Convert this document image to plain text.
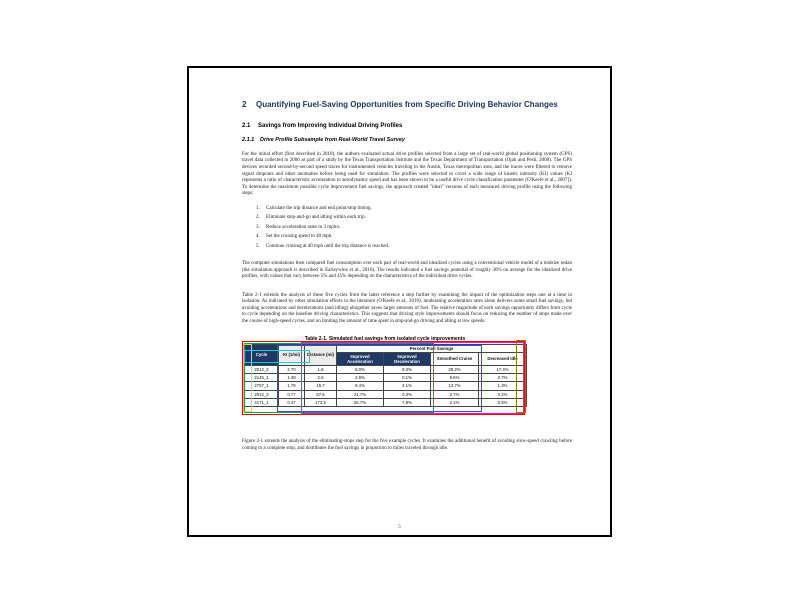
2	Quantifying Fuel-Saving Opportunities from Specific Driving Behavior Changes
2.1	Savings from Improving Individual Driving Profiles
2.1.1	Drive Profile Subsample from Real-World Travel Survey

For the initial effort (first described in 2010), the authors evaluated actual drive profiles selected from a large set of real-world global positioning system (GPS) travel data collected in 2006 as part of a study by the Texas Transportation Institute and the Texas Department of Transportation (Ojah and Pesti, 2008). The GPS devices recorded second-by-second speed traces for instrumented vehicles traveling in the Austin, Texas metropolitan area, and the traces were filtered to remove signal dropouts and other anomalies before being used for simulation. The profiles were selected to cover a wide range of kinetic intensity (KI) values (KI represents a ratio of characteristic acceleration to aerodynamic speed and has been shown to be a useful drive cycle classification parameter [O'Keefe et al., 2007]). To determine the maximum possible cycle improvement fuel savings, the approach created "ideal" versions of each measured driving profile using the following steps:

Calculate the trip distance and end point/stop timing.
Eliminate stop-and-go and idling within each trip.
Reduce acceleration rates to 3 mph/s.
Set the cruising speed to 40 mph.
Continue cruising at 40 mph until the trip distance is reached.

The computer simulations then compared fuel consumption over each pair of real-world and idealized cycles using a conventional vehicle model of a midsize sedan (the simulation approach is described in Earleywine et al., 2010). The results indicated a fuel savings potential of roughly 30% on average for the idealized drive profiles, with values that vary between 5% and 45% depending on the characteristics of the individual drive cycles.

Table 2-1 extends the analysis of these five cycles from the latter reference a step further by examining the impact of the optimization steps one at a time in isolation. As indicated by other simulation efforts in the literature (O'Keefe et al., 2010), moderating acceleration rates alone delivers some small fuel savings, but avoiding accelerations and decelerations (and idling) altogether saves larger amounts of fuel. The relative magnitude of each savings opportunity differs from cycle to cycle depending on the baseline driving characteristics. This suggests that driving style improvements should focus on reducing the number of stops made over the course of high-speed cycles, and on limiting the amount of time spent in stop-and-go driving and idling at low speeds.

Table 2-1. Simulated fuel savings from isolated cycle improvements
Cycle	KI (1/mi)	Distance (mi)	Percent Fuel Savings			
			Improved Acceleration	Improved Deceleration	Smoothed Cruise	Decreased Idle
2012_2	2.70	1.8	6.0%	9.3%	29.2%	17.4%
2145_1	1.48	2.6	2.9%	0.1%	9.5%	2.7%
2757_1	1.79	15.7	8.4%	4.1%	13.7%	1.3%
2912_2	0.77	57.6	21.7%	0.3%	2.7%	0.2%
4171_1	0.47	173.5	26.7%	7.8%	2.1%	0.5%

Figure 2-1 extends the analysis of the eliminating-stops step for the five example cycles. It examines the additional benefit of avoiding slow-speed crawling before coming to a complete stop, and distributes the fuel savings in proportion to miles traveled through idle.

5
